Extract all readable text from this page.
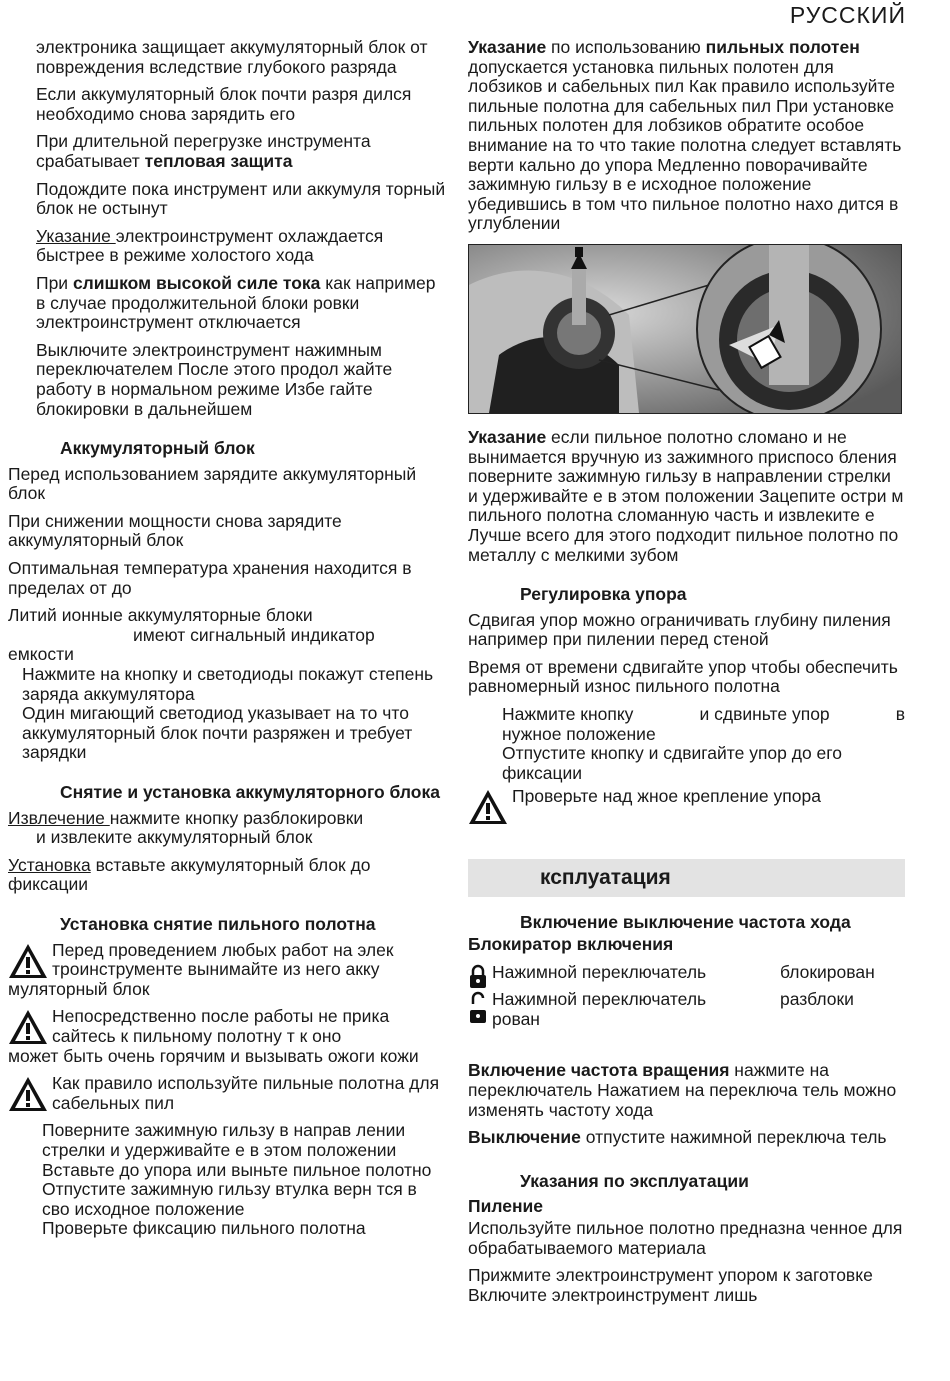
РУССКИЙ

электроника защищает аккумуляторный блок от повреждения вследствие глубокого разряда

Если аккумуляторный блок почти разря дился необходимо снова зарядить его

При длительной перегрузке инструмента срабатывает тепловая защита

Подождите пока инструмент или аккумуля торный блок не остынут

Указание электроинструмент охлаждается быстрее в режиме холостого хода

При слишком высокой силе тока как например в случае продолжительной блоки ровки электроинструмент отключается

Выключите электроинструмент нажимным переключателем После этого продол жайте работу в нормальном режиме Избе гайте блокировки в дальнейшем

Аккумуляторный блок

Перед использованием зарядите аккумуляторный блок

При снижении мощности снова зарядите аккумуляторный блок

Оптимальная температура хранения находится в пределах от до

Литий ионные аккумуляторные блоки
имеют сигнальный индикатор
емкости

Нажмите на кнопку и светодиоды покажут степень заряда аккумулятора

Один мигающий светодиод указывает на то что аккумуляторный блок почти разряжен и требует зарядки

Снятие и установка аккумуляторного блока

Извлечение нажмите кнопку разблокировки
и извлеките аккумуляторный блок

Установка вставьте аккумуляторный блок до фиксации

Установка снятие пильного полотна

Перед проведением любых работ на элек троинструменте вынимайте из него акку
муляторный блок

Непосредственно после работы не прика сайтесь к пильному полотну т к оно
может быть очень горячим и вызывать ожоги кожи

Как правило используйте пильные полотна для сабельных пил

Поверните зажимную гильзу в направ лении стрелки и удерживайте е в этом положении

Вставьте до упора или выньте пильное полотно

Отпустите зажимную гильзу втулка верн тся в сво исходное положение

Проверьте фиксацию пильного полотна

Указание по использованию пильных полотен допускается установка пильных полотен для лобзиков и сабельных пил Как правило используйте пильные полотна для сабельных пил При установке пильных полотен для лобзиков обратите особое внимание на то что такие полотна следует вставлять верти кально до упора Медленно поворачивайте зажимную гильзу в е исходное положение убедившись в том что пильное полотно нахо дится в углублении

Указание если пильное полотно сломано и не вынимается вручную из зажимного приспосо бления поверните зажимную гильзу в направлении стрелки и удерживайте е в этом положении Зацепите остри м пильного полотна сломанную часть и извлеките е Лучше всего для этого подходит пильное полотно по металлу с мелкими зубом

Регулировка упора

Сдвигая упор можно ограничивать глубину пиления например при пилении перед стеной

Время от времени сдвигайте упор чтобы обеспечить равномерный износ пильного полотна

Нажмите кнопку	и сдвиньте упор	в
нужное положение

Отпустите кнопку и сдвигайте упор до его фиксации

Проверьте над жное крепление упора
ксплуатация

Включение выключение частота хода

Блокиратор включения

Нажимной переключатель	блокирован
Нажимной переключатель	разблоки
рован

Включение частота вращения нажмите на переключатель Нажатием на переключа тель можно изменять частоту хода

Выключение отпустите нажимной переключа тель

Указания по эксплуатации

Пиление

Используйте пильное полотно предназна ченное для обрабатываемого материала

Прижмите электроинструмент упором к заготовке Включите электроинструмент лишь
